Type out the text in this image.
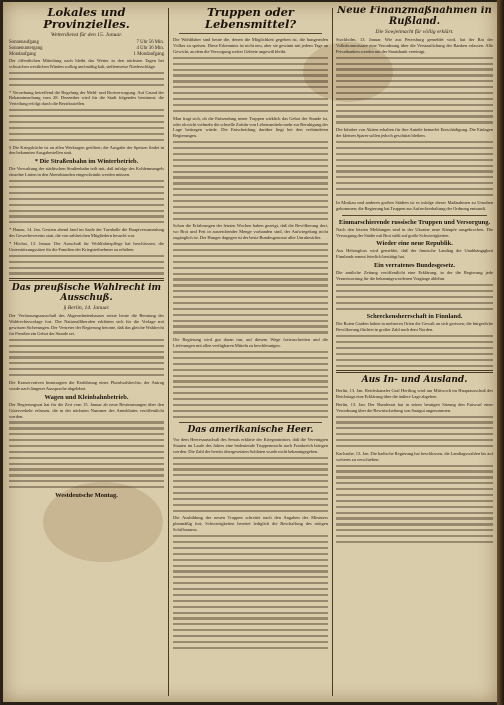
Lokales und Provinzielles.
Wetterdienst für den 15. Januar.
Sonnenaufgang	7 Uhr 56 Min.
Sonnenuntergang	4 Uhr 36 Min.
Mondaufgang	1 Mondaufgang

Der öffentlichen Mitteilung nach bleibt das Wetter in den nächsten Tagen bei schwachen westlichen Winden wolkig und mäßig kalt, stellenweise Niederschläge.

* Verordnung betreffend die Regelung der Mehl- und Brotversorgung. Auf Grund der Bekanntmachung vom 28. Dezember wird für die Stadt folgendes bestimmt: die Verteilung erfolgt durch die Bezirksstellen.

§ Die Kriegsküche ist an allen Werktagen geöffnet; die Ausgabe der Speisen findet in den bekannten Ausgabestellen statt.

* Die Straßenbahn im Winterbetrieb.

Die Verwaltung der städtischen Straßenbahn teilt mit, daß infolge des Kohlenmangels einzelne Linien in den Abendstunden eingeschränkt werden müssen.

* Hanau, 14. Jan. Gestern abend fand im Saale der Turnhalle die Hauptversammlung des Gewerbevereins statt, die von zahlreichen Mitgliedern besucht war.

* Höchst, 13. Januar. Der Ausschuß für Wohlfahrtspflege hat beschlossen, die Unterstützungssätze für die Familien der Kriegsteilnehmer zu erhöhen.

Das preußische Wahlrecht im Ausschuß.
§ Berlin, 14. Januar.

Der Verfassungsausschuß des Abgeordnetenhauses setzte heute die Beratung der Wahlrechtsvorlage fort. Die Nationalliberalen erklärten sich für die Vorlage mit gewissen Sicherungen. Der Vertreter der Regierung betonte, daß das gleiche Wahlrecht für Preußen ein Gebot der Stunde sei.

Die Konservativen beantragten die Einführung eines Pluralwahlrechts; der Antrag wurde nach längerer Aussprache abgelehnt.

Wagen und Kleinbahnbetrieb.

Der Regierungsrat hat für die Zeit vom 15. Januar ab neue Bestimmungen über den Güterverkehr erlassen, die in der nächsten Nummer des Amtsblattes veröffentlicht werden.

Westdeutsche Montag.
Truppen oder Lebensmittel?

Die Wohlthäter sind heute die, denen die Möglichkeit gegeben ist, die hungernden Völker zu speisen. Diese Erkenntnis ist nicht neu, aber sie gewinnt mit jedem Tage an Gewicht, an dem die Versorgung weiter Gebiete ungewiß bleibt.

Man fragt sich, ob die Entsendung neuer Truppen wirklich das Gebot der Stunde ist, oder ob nicht vielmehr die schnelle Zufuhr von Lebensmitteln mehr zur Beruhigung der Lage beitragen würde. Die Entscheidung darüber liegt bei den verbündeten Regierungen.

Schon die Erfahrungen der letzten Wochen haben gezeigt, daß die Bevölkerung dort, wo Brot und Fett in ausreichender Menge vorhanden sind, der Aufwiegelung nicht zugänglich ist. Der Hunger dagegen ist der beste Bundesgenosse aller Unruhestifter.

Die Regierung wird gut daran tun, auf diesem Wege fortzuschreiten und die Lieferungen mit allen verfügbaren Mitteln zu beschleunigen.

Das amerikanische Heer.

Vor dem Heeresausschuß des Senats erklärte der Kriegsminister, daß die Vereinigten Staaten im Laufe des Jahres eine bedeutende Truppenmacht nach Frankreich bringen werden. Die Zahl der bereits übergesetzten Soldaten wurde nicht bekanntgegeben.

Die Ausbildung der neuen Truppen schreitet nach den Angaben des Ministers planmäßig fort; Schwierigkeiten bereitet lediglich die Beschaffung des nötigen Schiffsraums.

Neue Finanzmaßnahmen in Rußland.
Die Sowjetmacht für völlig erklärt.

Stockholm, 13. Januar. Wie aus Petersburg gemeldet wird, hat der Rat der Volkskommissare eine Verordnung über die Verstaatlichung der Banken erlassen. Alle Privatbanken werden mit der Staatsbank vereinigt.

Die Inhaber von Aktien erhalten für ihre Anteile keinerlei Entschädigung. Die Einlagen der kleinen Sparer sollen jedoch geschützt bleiben.

In Moskau und anderen großen Städten ist es infolge dieser Maßnahmen zu Unruhen gekommen; die Regierung hat Truppen zur Aufrechterhaltung der Ordnung entsandt.

Einmarschierende russische Truppen und Versorgung.

Nach den letzten Meldungen sind in der Ukraine neue Kämpfe ausgebrochen. Die Versorgung der Städte mit Brot stößt auf große Schwierigkeiten.

Wieder eine neue Republik.

Aus Helsingfors wird gemeldet, daß der finnische Landtag die Unabhängigkeit Finnlands erneut feierlich bestätigt hat.

Ein verratenes Bundesgesetz.

Die amtliche Zeitung veröffentlicht eine Erklärung, in der die Regierung jede Verantwortung für die bekanntgewordenen Vorgänge ablehnt.

Schreckensherrschaft in Finnland.

Die Roten Garden haben in mehreren Orten die Gewalt an sich gerissen; die bürgerliche Bevölkerung flüchtet in großer Zahl nach dem Norden.

Aus In- und Ausland.

Berlin, 13. Jan. Reichskanzler Graf Hertling wird am Mittwoch im Hauptausschuß des Reichstags eine Erklärung über die äußere Lage abgeben.

Berlin, 13. Jan. Der Bundesrat hat in seiner heutigen Sitzung den Entwurf einer Verordnung über die Bewirtschaftung von Saatgut angenommen.

Karlsruhe, 13. Jan. Die badische Regierung hat beschlossen, die Landtagswahlen bis auf weiteres zu verschieben.
